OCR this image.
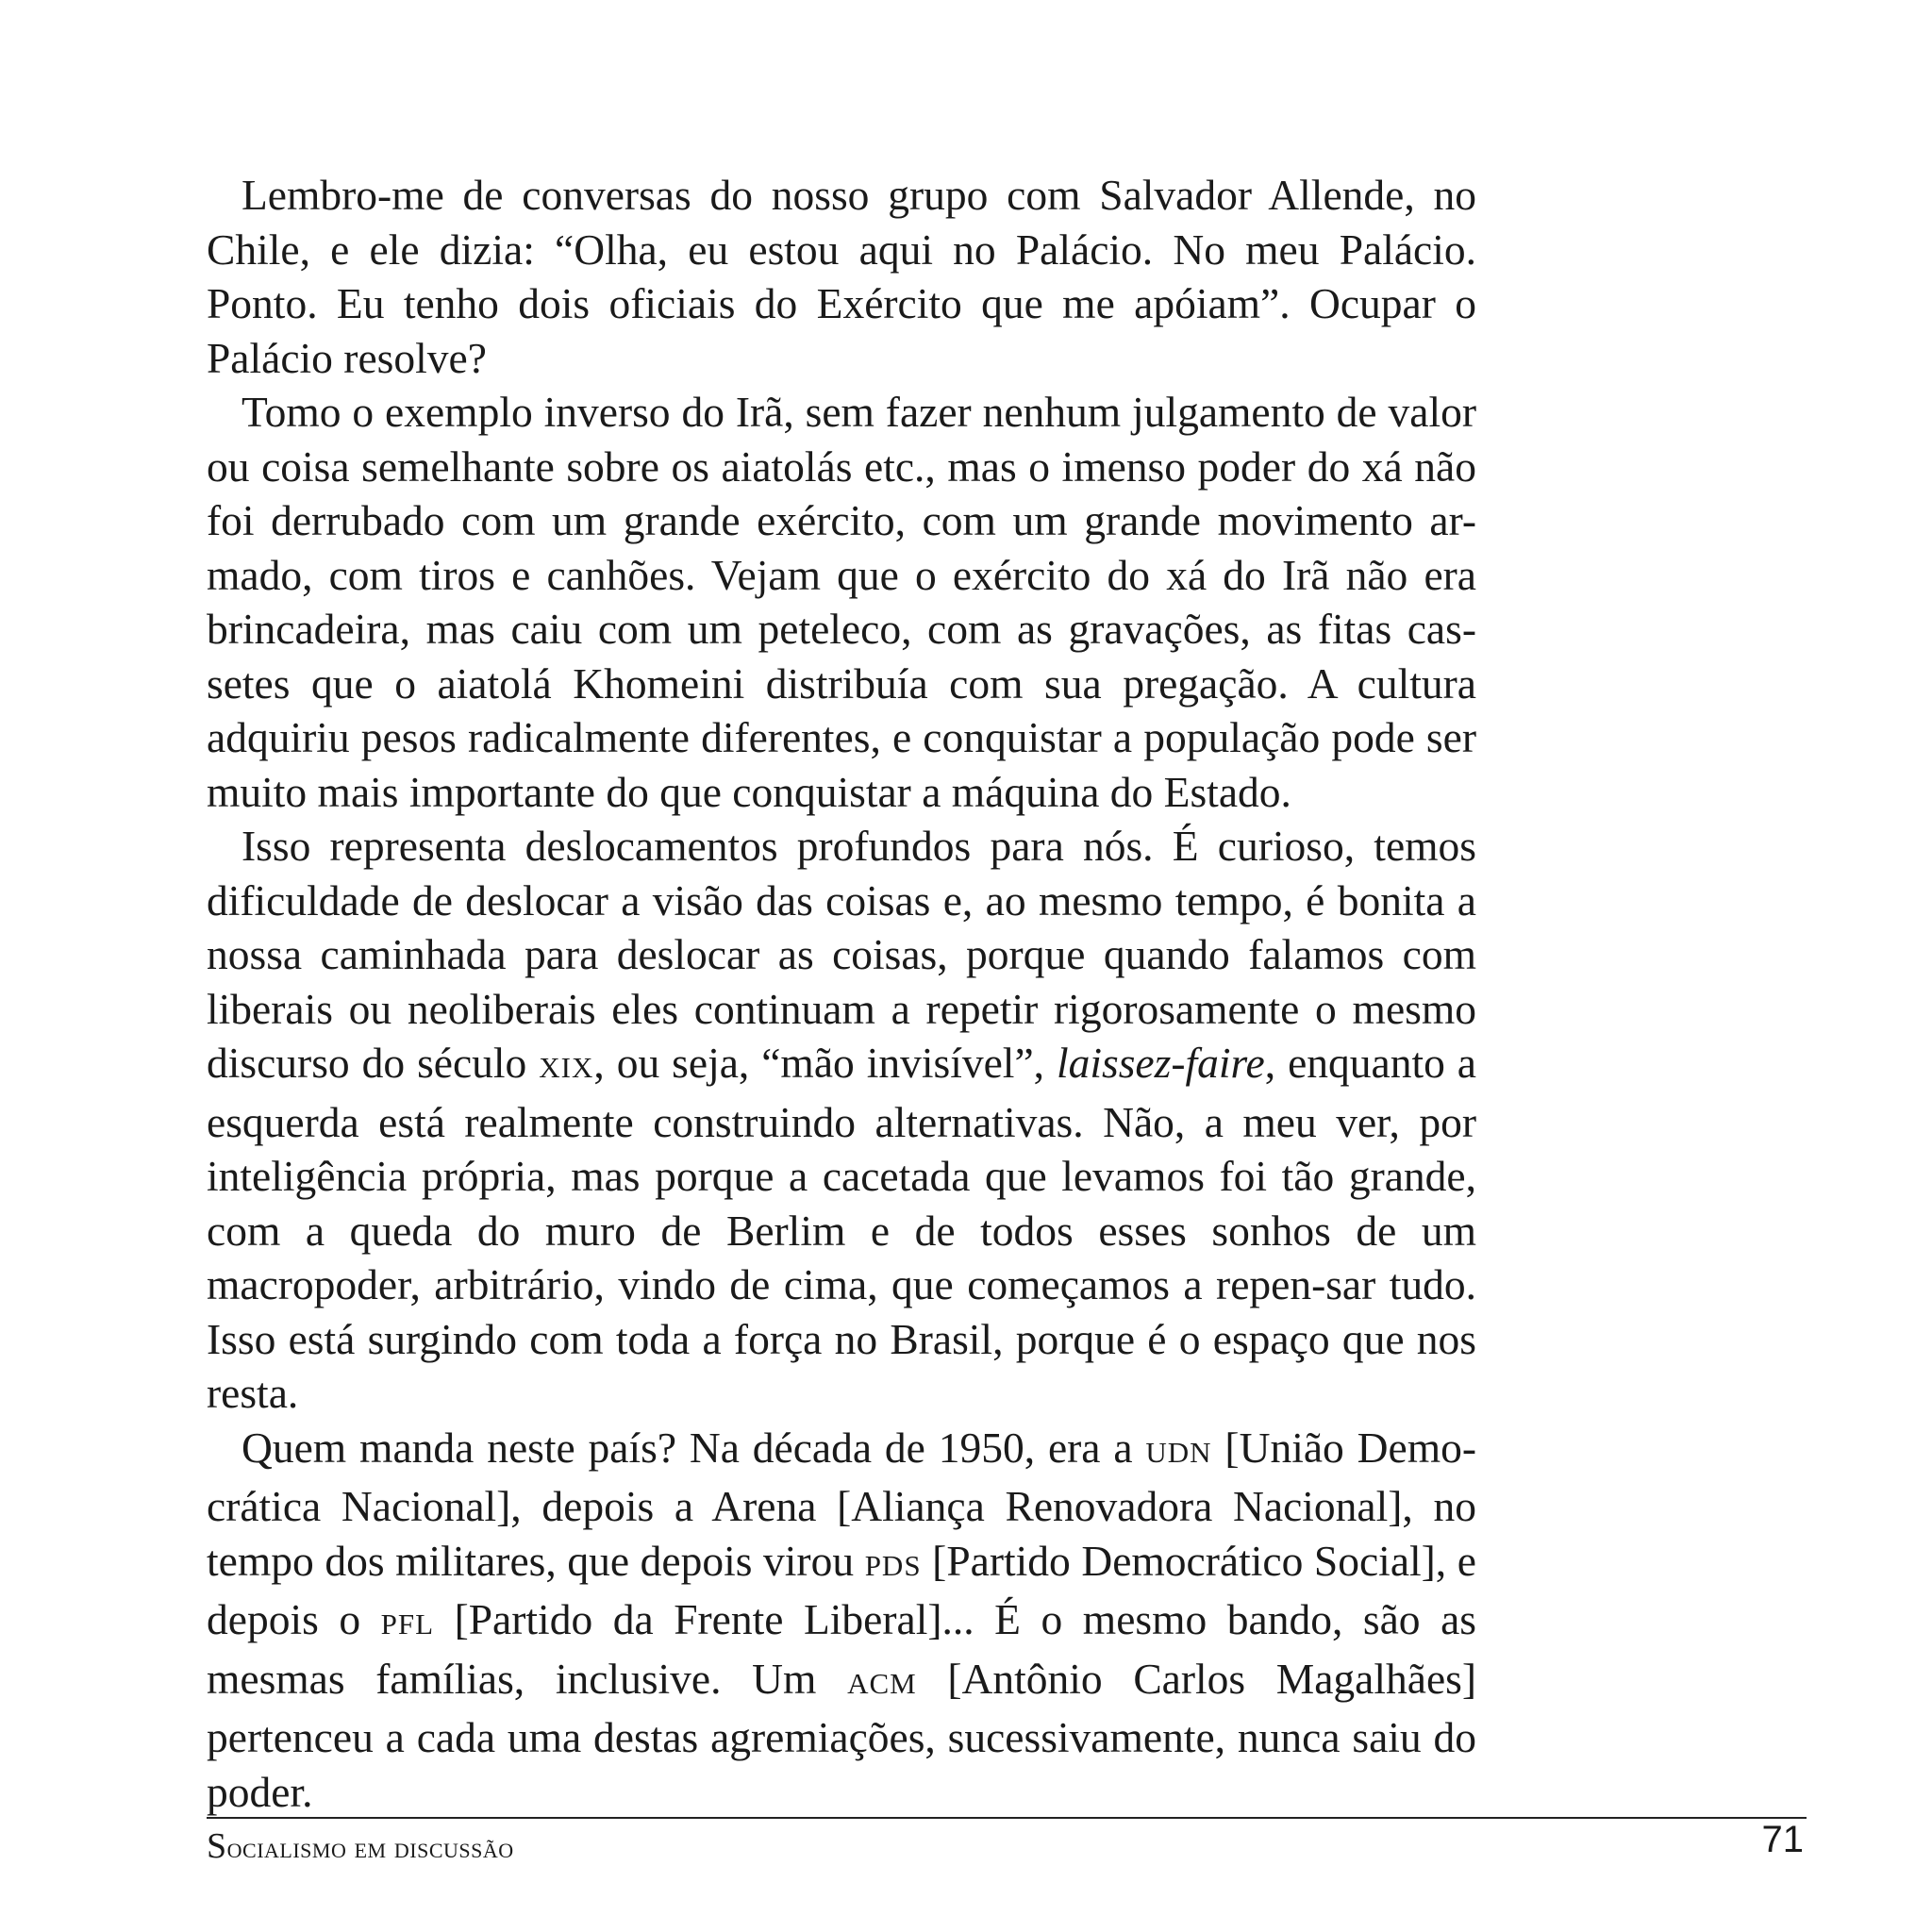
Lembro-me de conversas do nosso grupo com Salvador Allende, no Chile, e ele dizia: “Olha, eu estou aqui no Palácio. No meu Palácio. Ponto. Eu tenho dois oficiais do Exército que me apóiam”. Ocupar o Palácio resolve?

Tomo o exemplo inverso do Irã, sem fazer nenhum julgamento de valor ou coisa semelhante sobre os aiatolás etc., mas o imenso poder do xá não foi derrubado com um grande exército, com um grande movimento ar-mado, com tiros e canhões. Vejam que o exército do xá do Irã não era brincadeira, mas caiu com um peteleco, com as gravações, as fitas cas-setes que o aiatolá Khomeini distribuía com sua pregação. A cultura adquiriu pesos radicalmente diferentes, e conquistar a população pode ser muito mais importante do que conquistar a máquina do Estado.

Isso representa deslocamentos profundos para nós. É curioso, temos dificuldade de deslocar a visão das coisas e, ao mesmo tempo, é bonita a nossa caminhada para deslocar as coisas, porque quando falamos com liberais ou neoliberais eles continuam a repetir rigorosamente o mesmo discurso do século XIX, ou seja, “mão invisível”, laissez-faire, enquanto a esquerda está realmente construindo alternativas. Não, a meu ver, por inteligência própria, mas porque a cacetada que levamos foi tão grande, com a queda do muro de Berlim e de todos esses sonhos de um macropoder, arbitrário, vindo de cima, que começamos a repen-sar tudo. Isso está surgindo com toda a força no Brasil, porque é o espaço que nos resta.

Quem manda neste país? Na década de 1950, era a UDN [União Demo-crática Nacional], depois a Arena [Aliança Renovadora Nacional], no tempo dos militares, que depois virou PDS [Partido Democrático Social], e depois o PFL [Partido da Frente Liberal]... É o mesmo bando, são as mesmas famílias, inclusive. Um ACM [Antônio Carlos Magalhães] pertenceu a cada uma destas agremiações, sucessivamente, nunca saiu do poder.

Socialismo em discussão	71
